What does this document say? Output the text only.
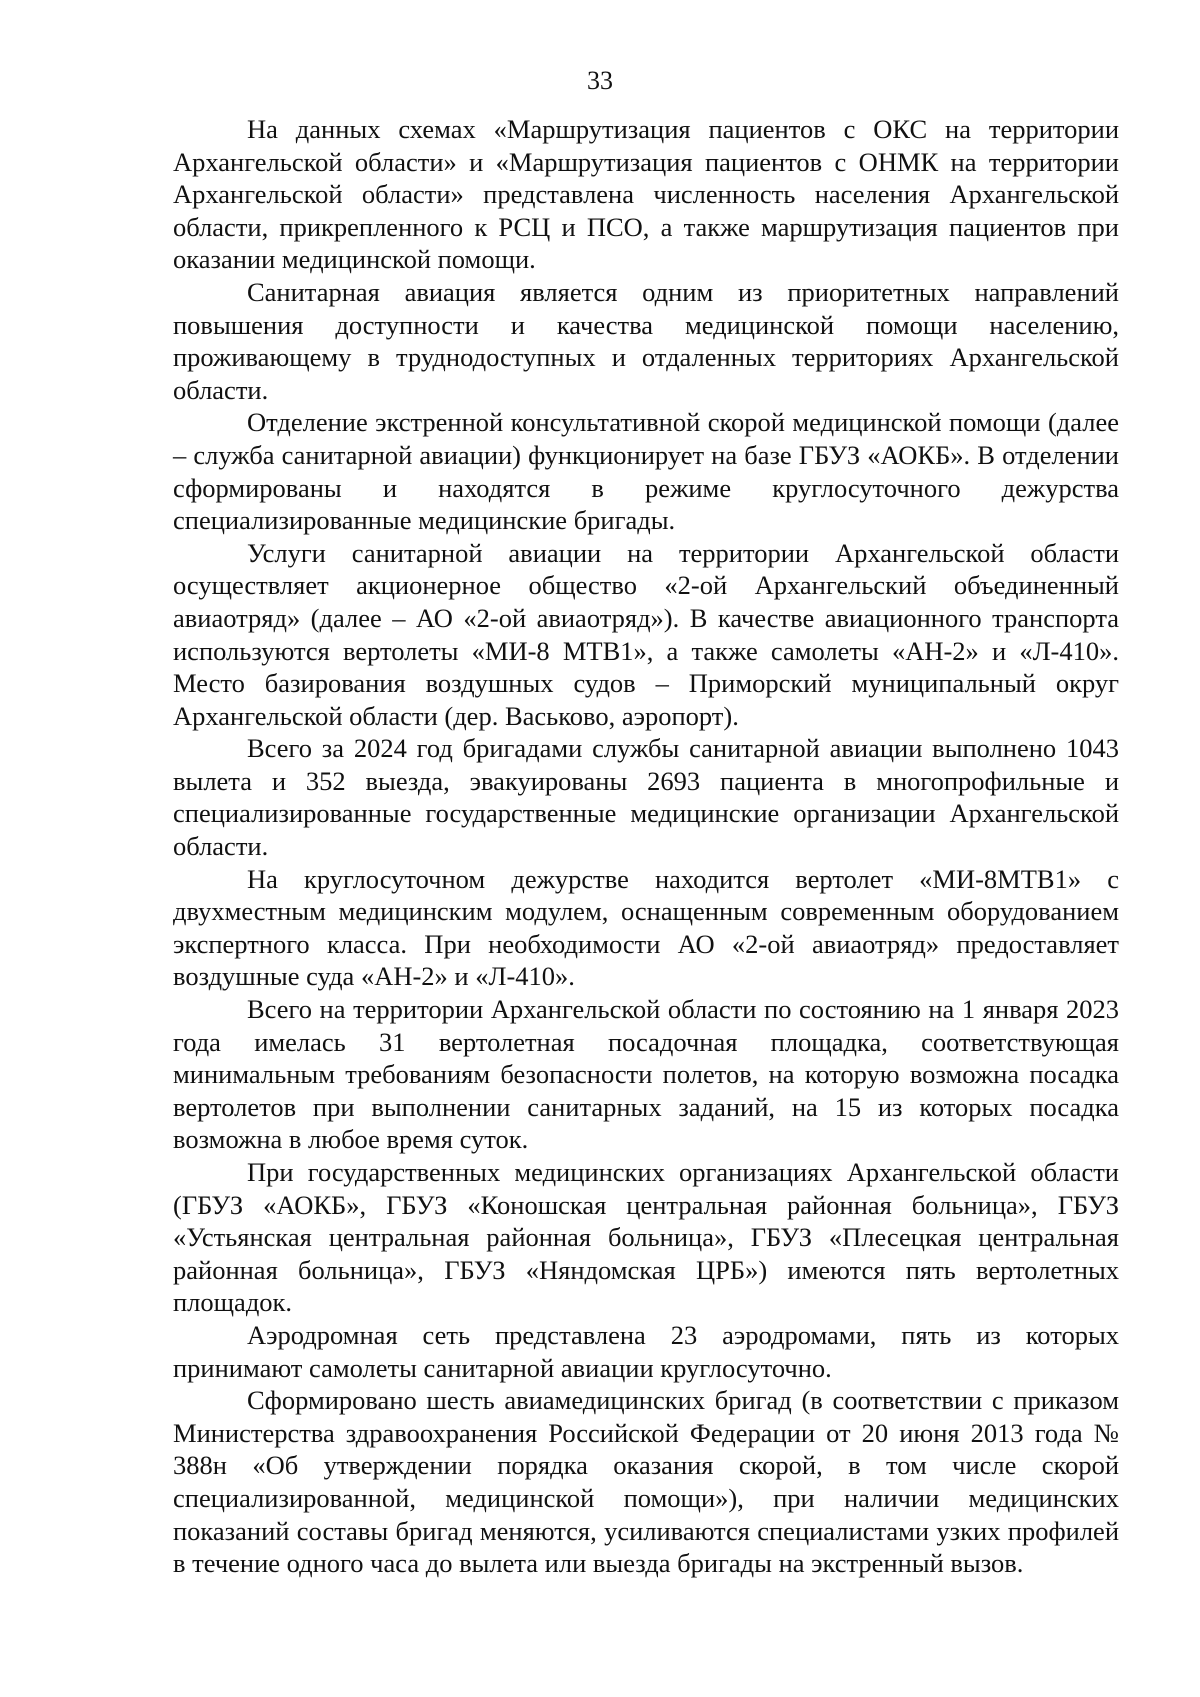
33

На данных схемах «Маршрутизация пациентов с ОКС на территории Архангельской области» и «Маршрутизация пациентов с ОНМК на территории Архангельской области» представлена численность населения Архангельской области, прикрепленного к РСЦ и ПСО, а также маршрутизация пациентов при оказании медицинской помощи.

Санитарная авиация является одним из приоритетных направлений повышения доступности и качества медицинской помощи населению, проживающему в труднодоступных и отдаленных территориях Архангельской области.

Отделение экстренной консультативной скорой медицинской помощи (далее – служба санитарной авиации) функционирует на базе ГБУЗ «АОКБ». В отделении сформированы и находятся в режиме круглосуточного дежурства специализированные медицинские бригады.

Услуги санитарной авиации на территории Архангельской области осуществляет акционерное общество «2-ой Архангельский объединенный авиаотряд» (далее – АО «2-ой авиаотряд»). В качестве авиационного транспорта используются вертолеты «МИ-8 МТВ1», а также самолеты «АН-2» и «Л-410». Место базирования воздушных судов – Приморский муниципальный округ Архангельской области (дер. Васьково, аэропорт).

Всего за 2024 год бригадами службы санитарной авиации выполнено 1043 вылета и 352 выезда, эвакуированы 2693 пациента в многопрофильные и специализированные государственные медицинские организации Архангельской области.

На круглосуточном дежурстве находится вертолет «МИ-8МТВ1» с двухместным медицинским модулем, оснащенным современным оборудованием экспертного класса. При необходимости АО «2-ой авиаотряд» предоставляет воздушные суда «АН-2» и «Л-410».

Всего на территории Архангельской области по состоянию на 1 января 2023 года имелась 31 вертолетная посадочная площадка, соответствующая минимальным требованиям безопасности полетов, на которую возможна посадка вертолетов при выполнении санитарных заданий, на 15 из которых посадка возможна в любое время суток.

При государственных медицинских организациях Архангельской области (ГБУЗ «АОКБ», ГБУЗ «Коношская центральная районная больница», ГБУЗ «Устьянская центральная районная больница», ГБУЗ «Плесецкая центральная районная больница», ГБУЗ «Няндомская ЦРБ») имеются пять вертолетных площадок.

Аэродромная сеть представлена 23 аэродромами, пять из которых принимают самолеты санитарной авиации круглосуточно.

Сформировано шесть авиамедицинских бригад (в соответствии с приказом Министерства здравоохранения Российской Федерации от 20 июня 2013 года № 388н «Об утверждении порядка оказания скорой, в том числе скорой специализированной, медицинской помощи»), при наличии медицинских показаний составы бригад меняются, усиливаются специалистами узких профилей в течение одного часа до вылета или выезда бригады на экстренный вызов.
